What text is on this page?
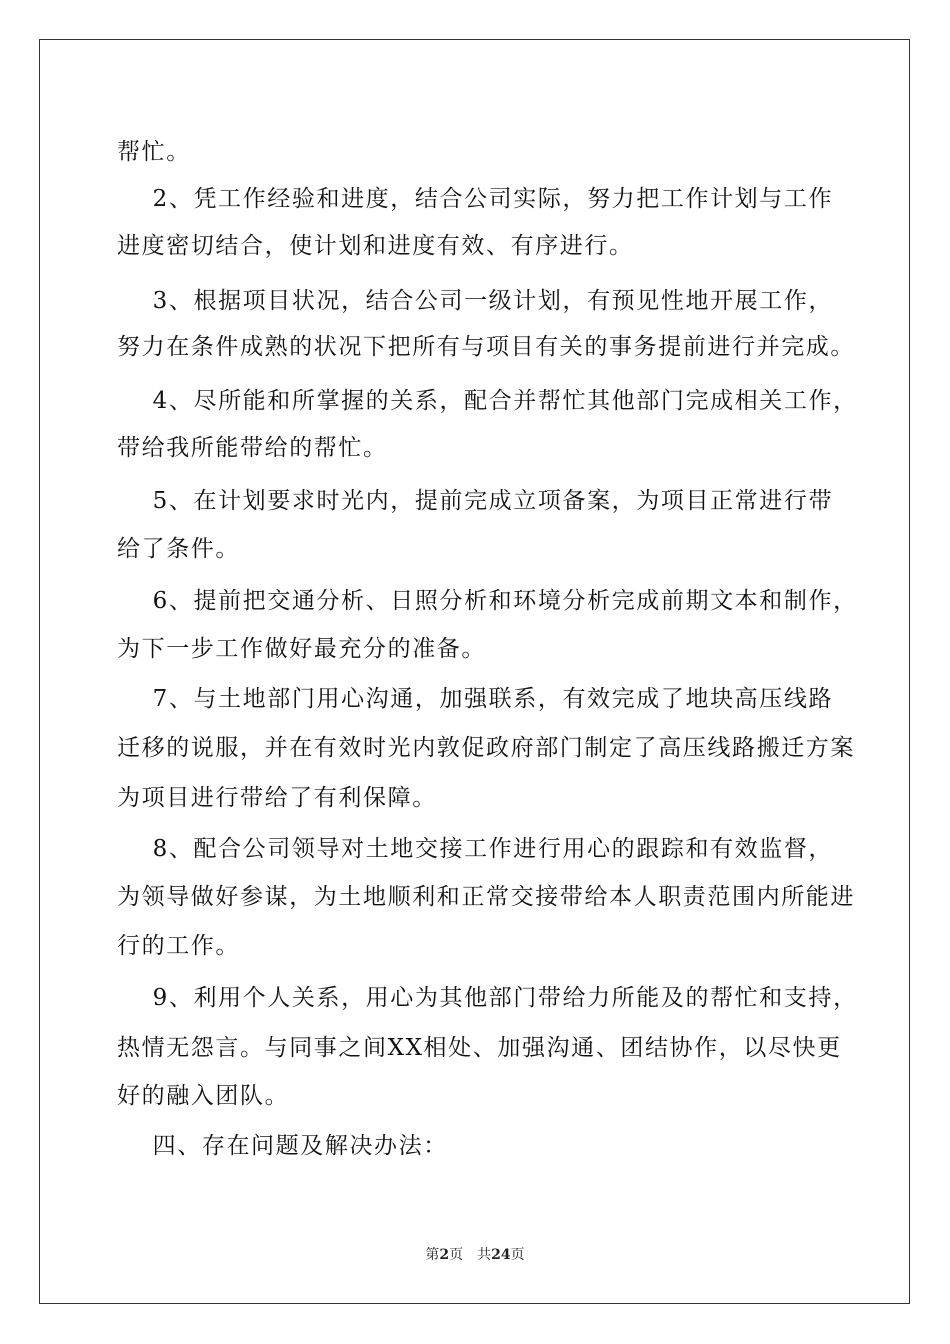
帮忙。
2、凭工作经验和进度，结合公司实际，努力把工作计划与工作
进度密切结合，使计划和进度有效、有序进行。
3、根据项目状况，结合公司一级计划，有预见性地开展工作，
努力在条件成熟的状况下把所有与项目有关的事务提前进行并完成。
4、尽所能和所掌握的关系，配合并帮忙其他部门完成相关工作，
带给我所能带给的帮忙。
5、在计划要求时光内，提前完成立项备案，为项目正常进行带
给了条件。
6、提前把交通分析、日照分析和环境分析完成前期文本和制作，
为下一步工作做好最充分的准备。
7、与土地部门用心沟通，加强联系，有效完成了地块高压线路
迁移的说服，并在有效时光内敦促政府部门制定了高压线路搬迁方案
为项目进行带给了有利保障。
8、配合公司领导对土地交接工作进行用心的跟踪和有效监督，
为领导做好参谋，为土地顺利和正常交接带给本人职责范围内所能进
行的工作。
9、利用个人关系，用心为其他部门带给力所能及的帮忙和支持，
热情无怨言。与同事之间XX相处、加强沟通、团结协作，以尽快更
好的融入团队。
四、存在问题及解决办法：
第2页 共24页
